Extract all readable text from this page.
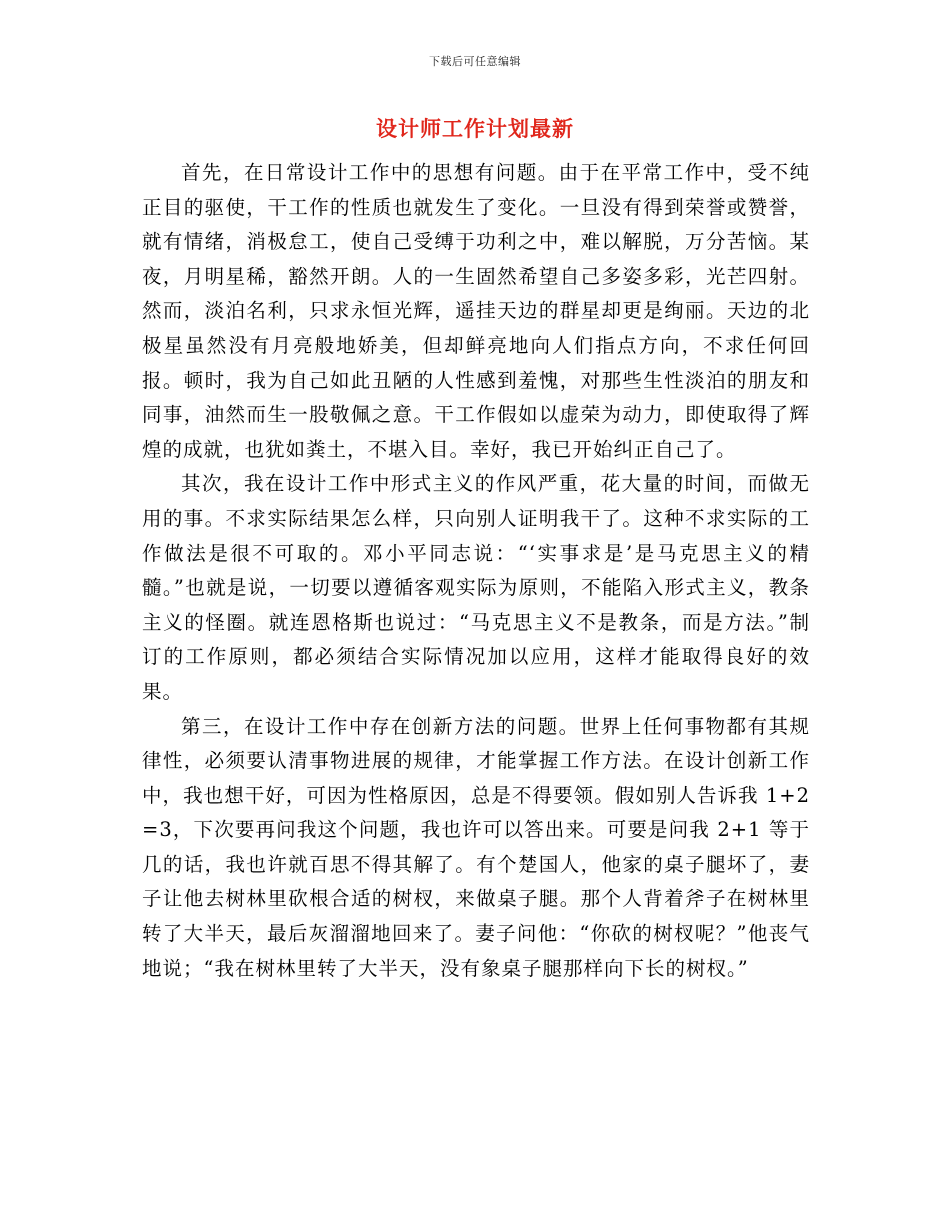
下载后可任意编辑
设计师工作计划最新

首先，在日常设计工作中的思想有问题。由于在平常工作中，受不纯正目的驱使，干工作的性质也就发生了变化。一旦没有得到荣誉或赞誉，就有情绪，消极怠工，使自己受缚于功利之中，难以解脱，万分苦恼。某夜，月明星稀，豁然开朗。人的一生固然希望自己多姿多彩，光芒四射。然而，淡泊名利，只求永恒光辉，遥挂天边的群星却更是绚丽。天边的北极星虽然没有月亮般地娇美，但却鲜亮地向人们指点方向，不求任何回报。顿时，我为自己如此丑陋的人性感到羞愧，对那些生性淡泊的朋友和同事，油然而生一股敬佩之意。干工作假如以虚荣为动力，即使取得了辉煌的成就，也犹如粪土，不堪入目。幸好，我已开始纠正自己了。

其次，我在设计工作中形式主义的作风严重，花大量的时间，而做无用的事。不求实际结果怎么样，只向别人证明我干了。这种不求实际的工作做法是很不可取的。邓小平同志说：“‘实事求是’是马克思主义的精髓。”也就是说，一切要以遵循客观实际为原则，不能陷入形式主义，教条主义的怪圈。就连恩格斯也说过：“马克思主义不是教条，而是方法。”制订的工作原则，都必须结合实际情况加以应用，这样才能取得良好的效果。

第三，在设计工作中存在创新方法的问题。世界上任何事物都有其规律性，必须要认清事物进展的规律，才能掌握工作方法。在设计创新工作中，我也想干好，可因为性格原因，总是不得要领。假如别人告诉我 1+2=3，下次要再问我这个问题，我也许可以答出来。可要是问我 2+1 等于几的话，我也许就百思不得其解了。有个楚国人，他家的桌子腿坏了，妻子让他去树林里砍根合适的树杈，来做桌子腿。那个人背着斧子在树林里转了大半天，最后灰溜溜地回来了。妻子问他：“你砍的树杈呢？”他丧气地说；“我在树林里转了大半天，没有象桌子腿那样向下长的树杈。”
